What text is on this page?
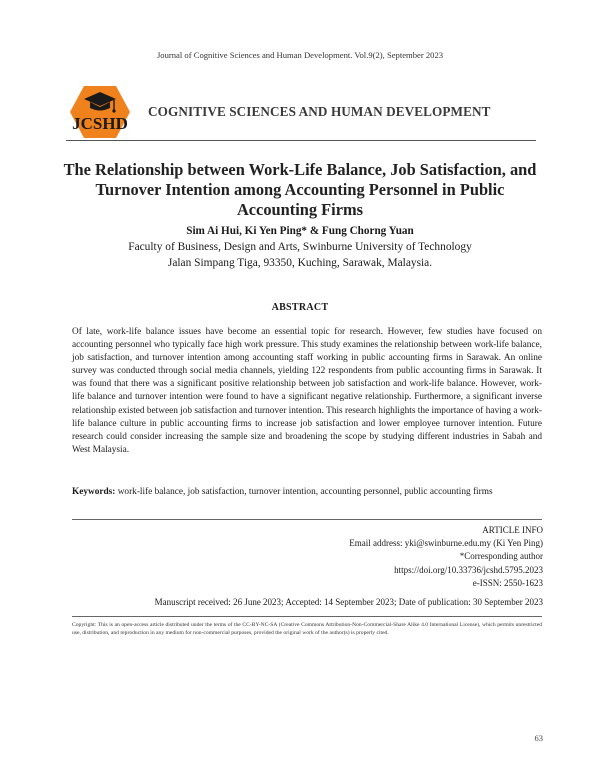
Journal of Cognitive Sciences and Human Development. Vol.9(2), September 2023
JCSHD
COGNITIVE SCIENCES AND HUMAN DEVELOPMENT
The Relationship between Work-Life Balance, Job Satisfaction, and Turnover Intention among Accounting Personnel in Public Accounting Firms
Sim Ai Hui, Ki Yen Ping* & Fung Chorng Yuan
Faculty of Business, Design and Arts, Swinburne University of Technology
Jalan Simpang Tiga, 93350, Kuching, Sarawak, Malaysia.
ABSTRACT
Of late, work-life balance issues have become an essential topic for research. However, few studies have focused on accounting personnel who typically face high work pressure. This study examines the relationship between work-life balance, job satisfaction, and turnover intention among accounting staff working in public accounting firms in Sarawak. An online survey was conducted through social media channels, yielding 122 respondents from public accounting firms in Sarawak. It was found that there was a significant positive relationship between job satisfaction and work-life balance. However, work-life balance and turnover intention were found to have a significant negative relationship. Furthermore, a significant inverse relationship existed between job satisfaction and turnover intention. This research highlights the importance of having a work-life balance culture in public accounting firms to increase job satisfaction and lower employee turnover intention. Future research could consider increasing the sample size and broadening the scope by studying different industries in Sabah and West Malaysia.
Keywords: work-life balance, job satisfaction, turnover intention, accounting personnel, public accounting firms
ARTICLE INFO
Email address: yki@swinburne.edu.my (Ki Yen Ping)
*Corresponding author
https://doi.org/10.33736/jcshd.5795.2023
e-ISSN: 2550-1623
Manuscript received: 26 June 2023; Accepted: 14 September 2023; Date of publication: 30 September 2023
Copyright: This is an open-access article distributed under the terms of the CC-BY-NC-SA (Creative Commons Attribution-Non-Commercial-Share Alike 4.0 International License), which permits unrestricted use, distribution, and reproduction in any medium for non-commercial purposes, provided the original work of the author(s) is properly cited.
63
